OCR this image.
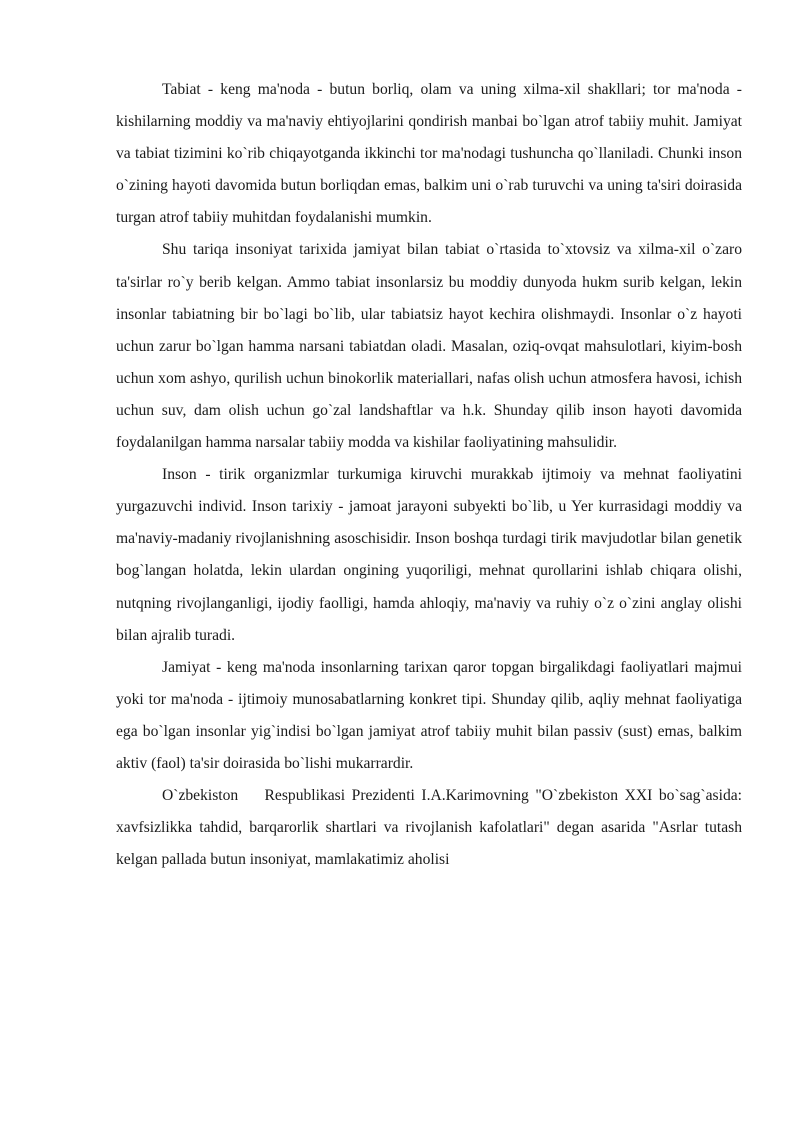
Tabiat - keng ma'noda - butun borliq, olam va uning xilma-xil shakllari; tor ma'noda - kishilarning moddiy va ma'naviy ehtiyojlarini qondirish manbai bo`lgan atrof tabiiy muhit. Jamiyat va tabiat tizimini ko`rib chiqayotganda ikkinchi tor ma'nodagi tushuncha qo`llaniladi. Chunki inson o`zining hayoti davomida butun borliqdan emas, balkim uni o`rab turuvchi va uning ta'siri doirasida turgan atrof tabiiy muhitdan foydalanishi mumkin.

Shu tariqa insoniyat tarixida jamiyat bilan tabiat o`rtasida to`xtovsiz va xilma-xil o`zaro ta'sirlar ro`y berib kelgan. Ammo tabiat insonlarsiz bu moddiy dunyoda hukm surib kelgan, lekin insonlar tabiatning bir bo`lagi bo`lib, ular tabiatsiz hayot kechira olishmaydi. Insonlar o`z hayoti uchun zarur bo`lgan hamma narsani tabiatdan oladi. Masalan, oziq-ovqat mahsulotlari, kiyim-bosh uchun xom ashyo, qurilish uchun binokorlik materiallari, nafas olish uchun atmosfera havosi, ichish uchun suv, dam olish uchun go`zal landshaftlar va h.k. Shunday qilib inson hayoti davomida foydalanilgan hamma narsalar tabiiy modda va kishilar faoliyatining mahsulidir.

Inson - tirik organizmlar turkumiga kiruvchi murakkab ijtimoiy va mehnat faoliyatini yurgazuvchi individ. Inson tarixiy - jamoat jarayoni subyekti bo`lib, u Yer kurrasidagi moddiy va ma'naviy-madaniy rivojlanishning asoschisidir. Inson boshqa turdagi tirik mavjudotlar bilan genetik bog`langan holatda, lekin ulardan ongining yuqoriligi, mehnat qurollarini ishlab chiqara olishi, nutqning rivojlanganligi, ijodiy faolligi, hamda ahloqiy, ma'naviy va ruhiy o`z o`zini anglay olishi bilan ajralib turadi.

Jamiyat - keng ma'noda insonlarning tarixan qaror topgan birgalikdagi faoliyatlari majmui yoki tor ma'noda - ijtimoiy munosabatlarning konkret tipi. Shunday qilib, aqliy mehnat faoliyatiga ega bo`lgan insonlar yig`indisi bo`lgan jamiyat atrof tabiiy muhit bilan passiv (sust) emas, balkim aktiv (faol) ta'sir doirasida bo`lishi mukarrardir.

O`zbekiston    Respublikasi Prezidenti I.A.Karimovning "O`zbekiston XXI bo`sag`asida: xavfsizlikka tahdid, barqarorlik shartlari va rivojlanish kafolatlari" degan asarida "Asrlar tutash kelgan pallada butun insoniyat, mamlakatimiz aholisi
